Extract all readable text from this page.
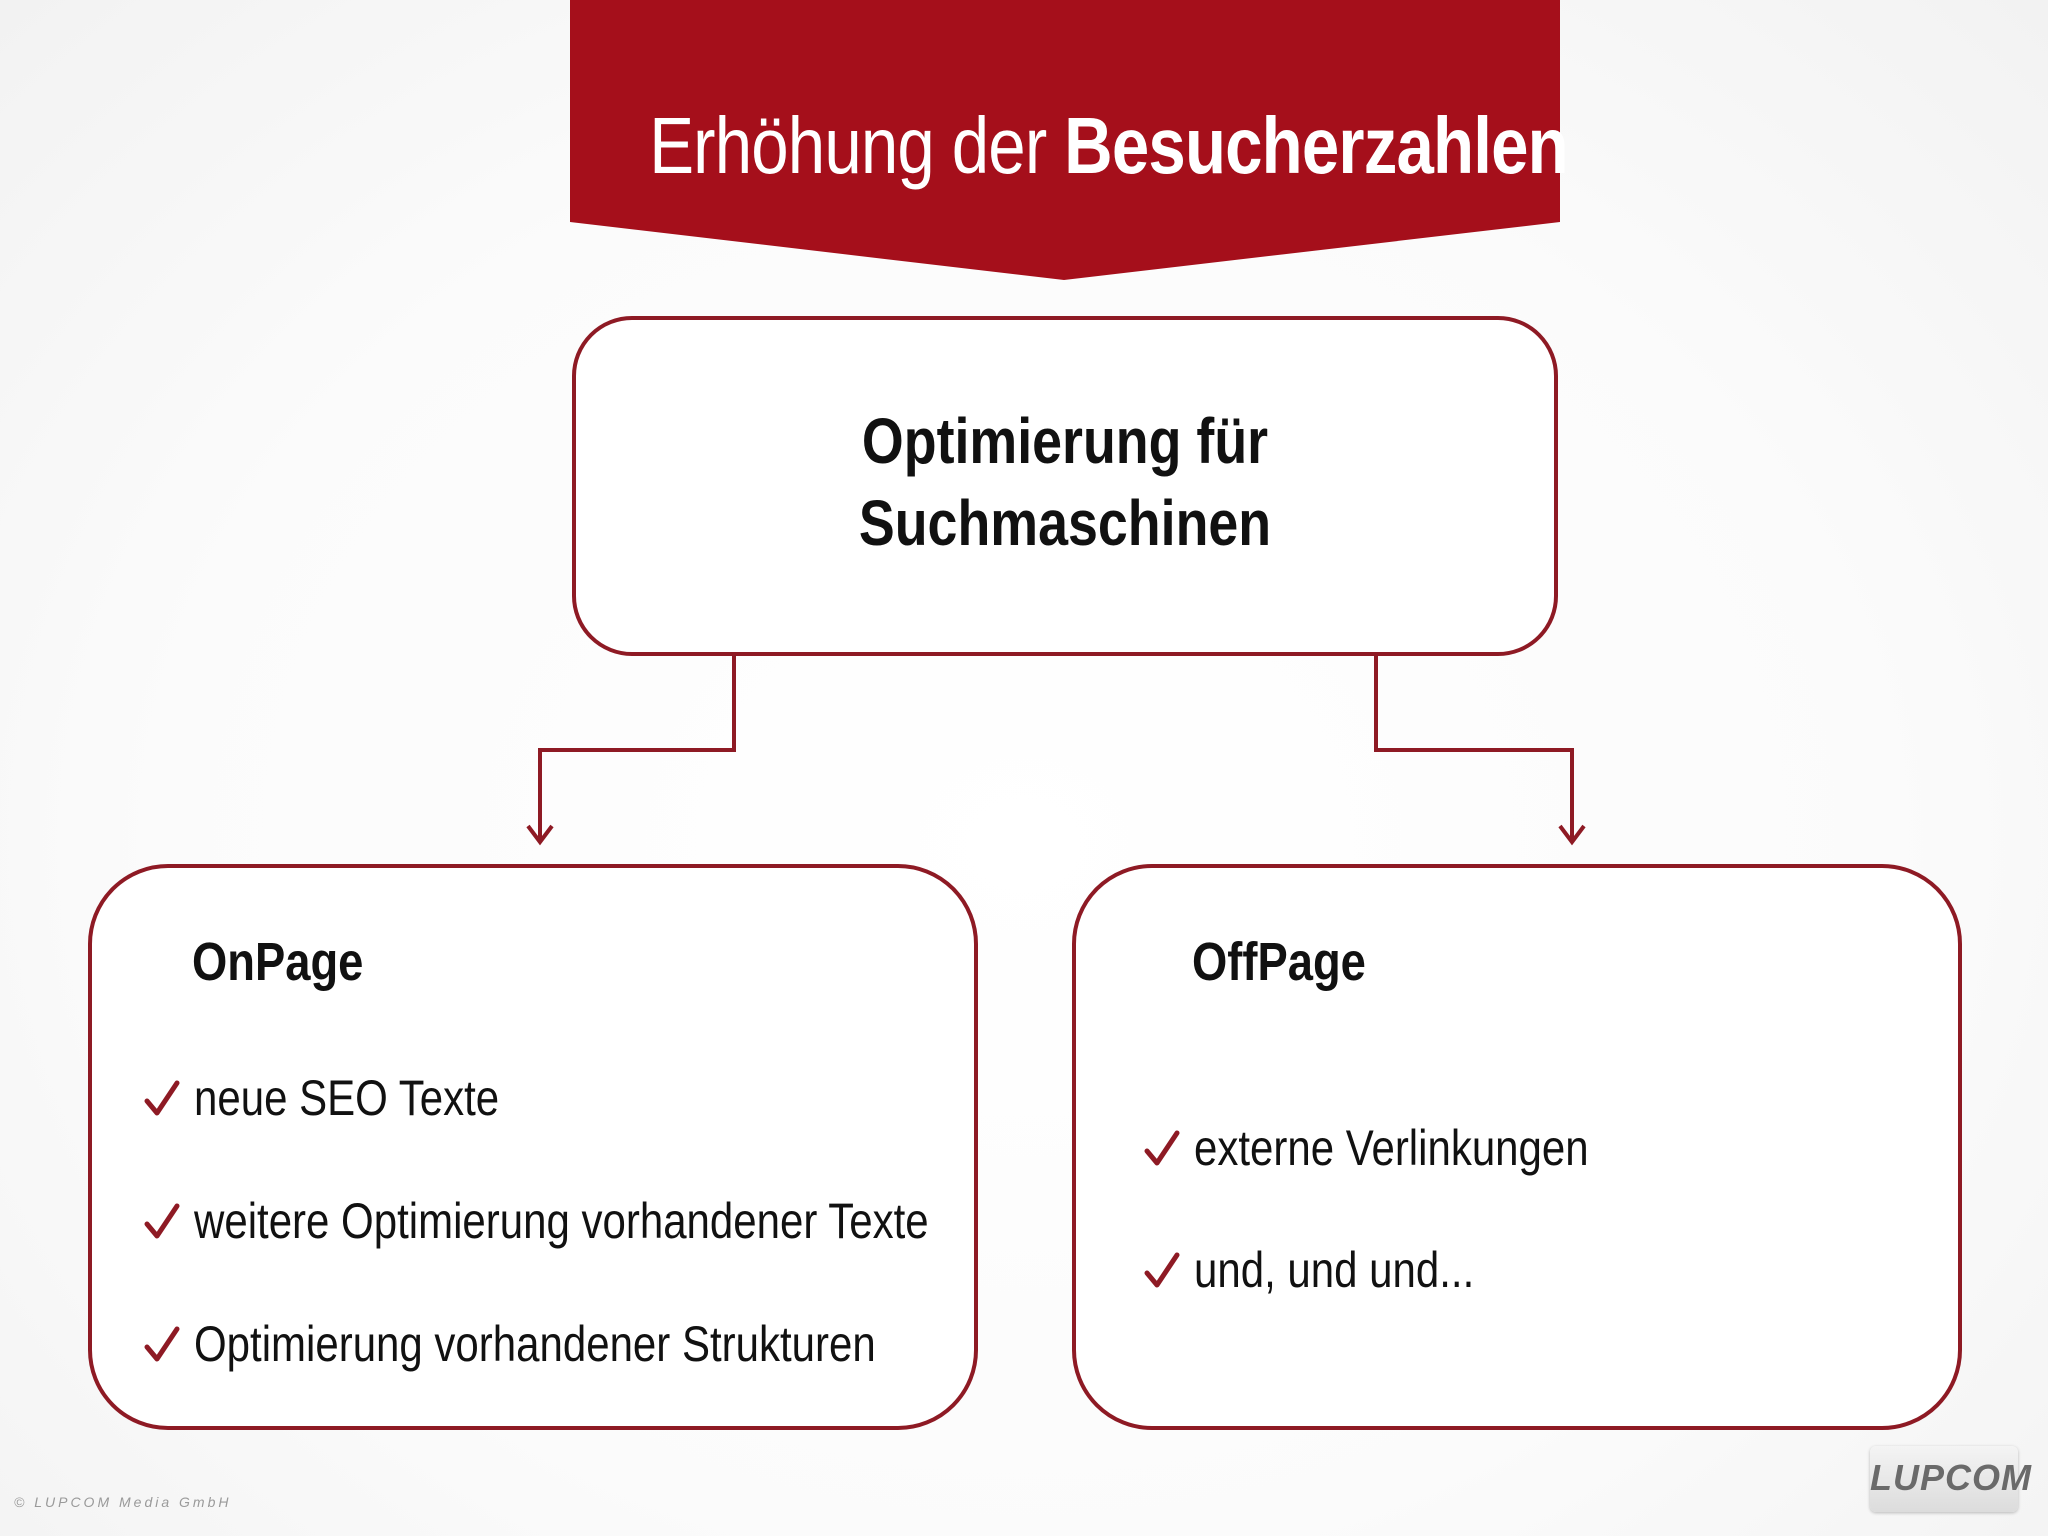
Erhöhung der Besucherzahlen
Optimierung für
Suchmaschinen
OnPage
neue SEO Texte
weitere Optimierung vorhandener Texte
Optimierung vorhandener Strukturen
OffPage
externe Verlinkungen
und, und und...
© LUPCOM Media GmbH
LUPCOM
